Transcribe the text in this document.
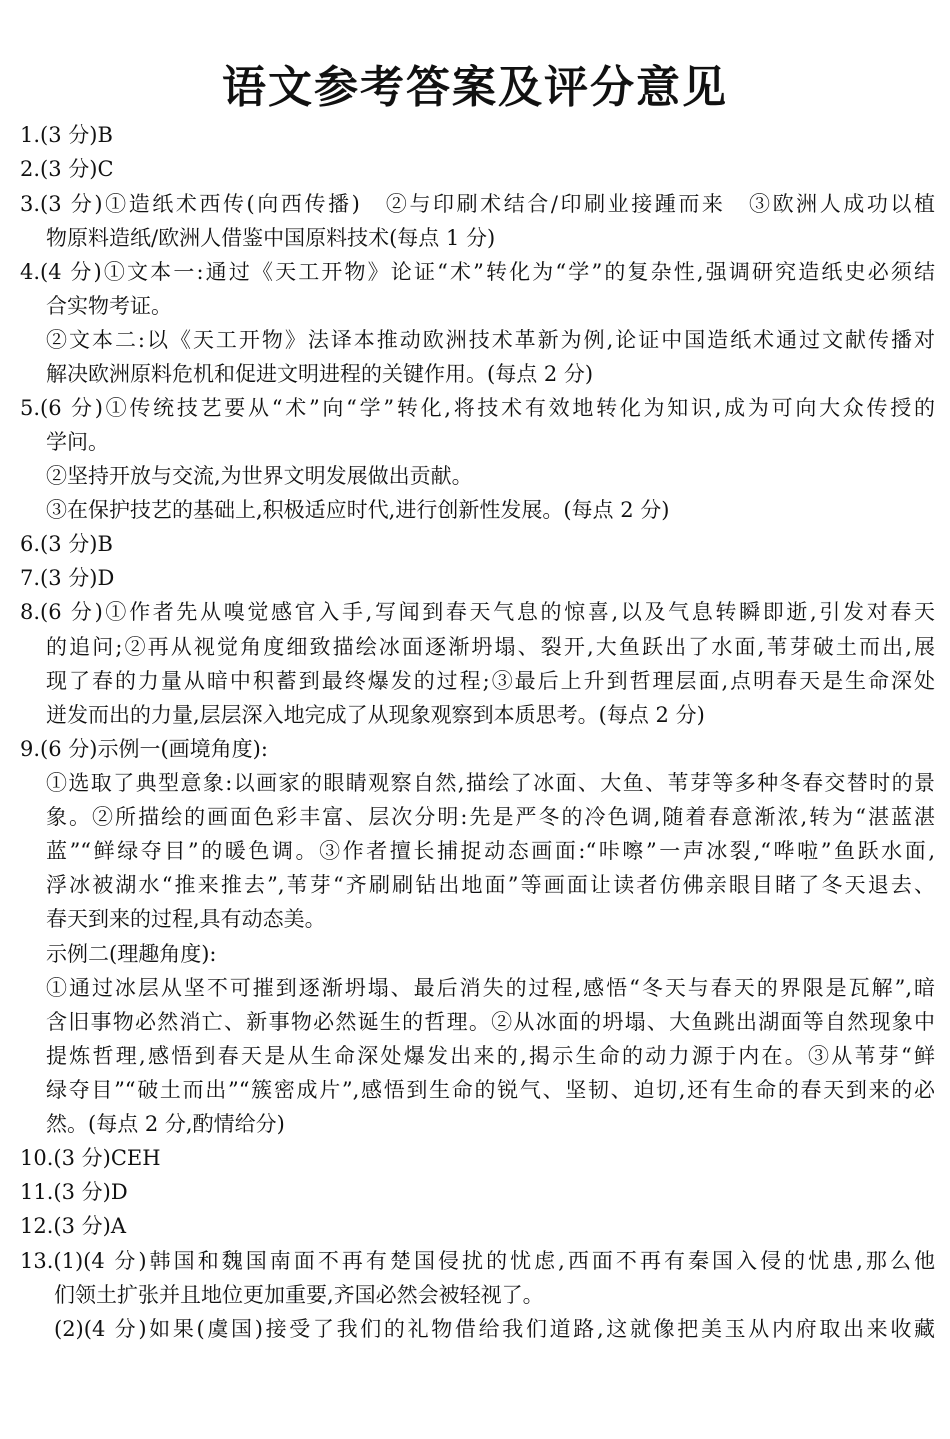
语文参考答案及评分意见
1.(3 分)B
2.(3 分)C
3.(3 分)①造纸术西传(向西传播)　②与印刷术结合/印刷业接踵而来　③欧洲人成功以植
物原料造纸/欧洲人借鉴中国原料技术(每点 1 分)
4.(4 分)①文本一:通过《天工开物》论证“术”转化为“学”的复杂性,强调研究造纸史必须结
合实物考证。
②文本二:以《天工开物》法译本推动欧洲技术革新为例,论证中国造纸术通过文献传播对
解决欧洲原料危机和促进文明进程的关键作用。(每点 2 分)
5.(6 分)①传统技艺要从“术”向“学”转化,将技术有效地转化为知识,成为可向大众传授的
学问。
②坚持开放与交流,为世界文明发展做出贡献。
③在保护技艺的基础上,积极适应时代,进行创新性发展。(每点 2 分)
6.(3 分)B
7.(3 分)D
8.(6 分)①作者先从嗅觉感官入手,写闻到春天气息的惊喜,以及气息转瞬即逝,引发对春天
的追问;②再从视觉角度细致描绘冰面逐渐坍塌、裂开,大鱼跃出了水面,苇芽破土而出,展
现了春的力量从暗中积蓄到最终爆发的过程;③最后上升到哲理层面,点明春天是生命深处
迸发而出的力量,层层深入地完成了从现象观察到本质思考。(每点 2 分)
9.(6 分)示例一(画境角度):
①选取了典型意象:以画家的眼睛观察自然,描绘了冰面、大鱼、苇芽等多种冬春交替时的景
象。②所描绘的画面色彩丰富、层次分明:先是严冬的冷色调,随着春意渐浓,转为“湛蓝湛
蓝”“鲜绿夺目”的暖色调。③作者擅长捕捉动态画面:“咔嚓”一声冰裂,“哗啦”鱼跃水面,
浮冰被湖水“推来推去”,苇芽“齐刷刷钻出地面”等画面让读者仿佛亲眼目睹了冬天退去、
春天到来的过程,具有动态美。
示例二(理趣角度):
①通过冰层从坚不可摧到逐渐坍塌、最后消失的过程,感悟“冬天与春天的界限是瓦解”,暗
含旧事物必然消亡、新事物必然诞生的哲理。②从冰面的坍塌、大鱼跳出湖面等自然现象中
提炼哲理,感悟到春天是从生命深处爆发出来的,揭示生命的动力源于内在。③从苇芽“鲜
绿夺目”“破土而出”“簇密成片”,感悟到生命的锐气、坚韧、迫切,还有生命的春天到来的必
然。(每点 2 分,酌情给分)
10.(3 分)CEH
11.(3 分)D
12.(3 分)A
13.(1)(4 分)韩国和魏国南面不再有楚国侵扰的忧虑,西面不再有秦国入侵的忧患,那么他
们领土扩张并且地位更加重要,齐国必然会被轻视了。
(2)(4 分)如果(虞国)接受了我们的礼物借给我们道路,这就像把美玉从内府取出来收藏
